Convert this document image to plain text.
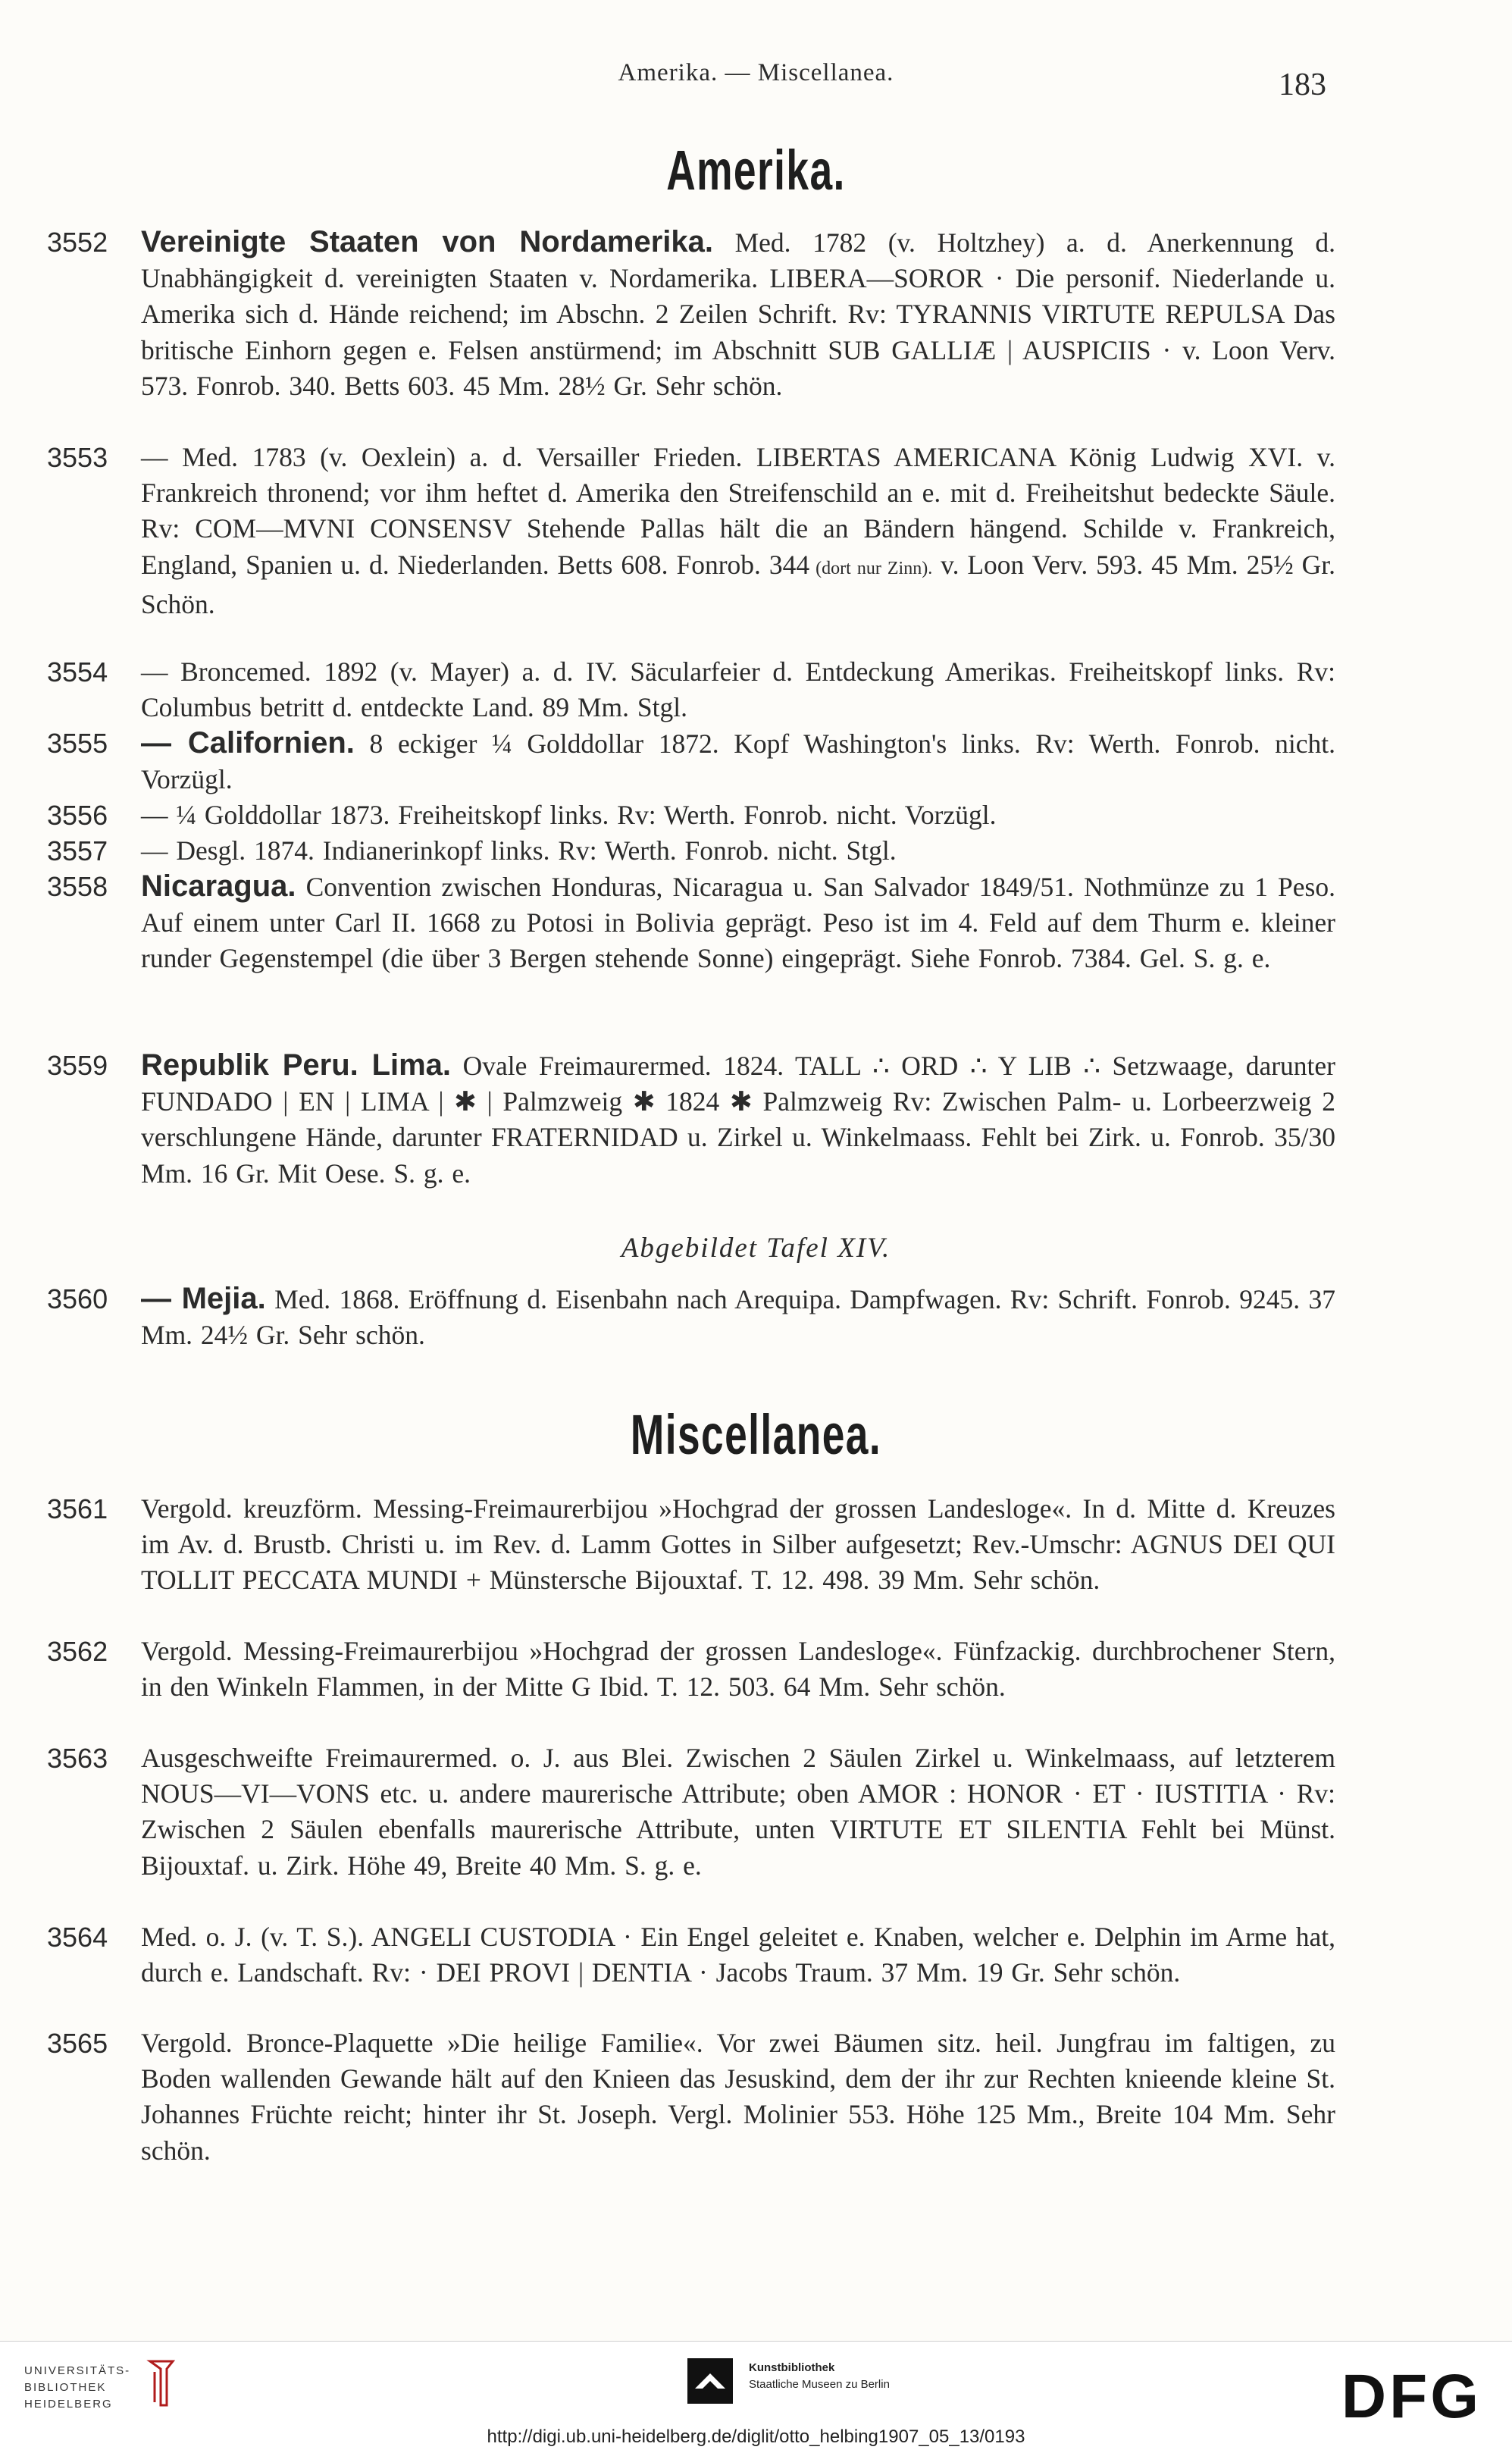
Amerika. — Miscellanea.	183
Amerika.
Miscellanea.
3552	Vereinigte Staaten von Nordamerika. Med. 1782 (v. Holtzhey) a. d. Anerkennung d. Unabhängigkeit d. vereinigten Staaten v. Nordamerika. LIBERA—SOROR · Die personif. Niederlande u. Amerika sich d. Hände reichend; im Abschn. 2 Zeilen Schrift. Rv: TYRANNIS VIRTUTE REPULSA Das britische Einhorn gegen e. Felsen anstürmend; im Abschnitt SUB GALLIÆ | AUSPICIIS · v. Loon Verv. 573. Fonrob. 340. Betts 603. 45 Mm. 28½ Gr. Sehr schön.
3553	— Med. 1783 (v. Oexlein) a. d. Versailler Frieden. LIBERTAS AMERICANA König Ludwig XVI. v. Frankreich thronend; vor ihm heftet d. Amerika den Streifenschild an e. mit d. Freiheitshut bedeckte Säule. Rv: COM—MVNI CONSENSV Stehende Pallas hält die an Bändern hängend. Schilde v. Frankreich, England, Spanien u. d. Niederlanden. Betts 608. Fonrob. 344 (dort nur Zinn). v. Loon Verv. 593. 45 Mm. 25½ Gr. Schön.
3554	— Broncemed. 1892 (v. Mayer) a. d. IV. Säcularfeier d. Entdeckung Amerikas. Freiheitskopf links. Rv: Columbus betritt d. entdeckte Land. 89 Mm. Stgl.
3555	— Californien. 8 eckiger ¼ Golddollar 1872. Kopf Washington's links. Rv: Werth. Fonrob. nicht. Vorzügl.
3556	— ¼ Golddollar 1873. Freiheitskopf links. Rv: Werth. Fonrob. nicht. Vorzügl.
3557	— Desgl. 1874. Indianerinkopf links. Rv: Werth. Fonrob. nicht. Stgl.
3558	Nicaragua. Convention zwischen Honduras, Nicaragua u. San Salvador 1849/51. Nothmünze zu 1 Peso. Auf einem unter Carl II. 1668 zu Potosi in Bolivia geprägt. Peso ist im 4. Feld auf dem Thurm e. kleiner runder Gegenstempel (die über 3 Bergen stehende Sonne) eingeprägt. Siehe Fonrob. 7384. Gel. S. g. e.
3559	Republik Peru. Lima. Ovale Freimaurermed. 1824. TALL ∴ ORD ∴ Y LIB ∴ Setzwaage, darunter FUNDADO | EN | LIMA | ✱ | Palmzweig ✱ 1824 ✱ Palmzweig Rv: Zwischen Palm- u. Lorbeerzweig 2 verschlungene Hände, darunter FRATERNIDAD u. Zirkel u. Winkelmaass. Fehlt bei Zirk. u. Fonrob. 35/30 Mm. 16 Gr. Mit Oese. S. g. e.
3560	— Mejia. Med. 1868. Eröffnung d. Eisenbahn nach Arequipa. Dampfwagen. Rv: Schrift. Fonrob. 9245. 37 Mm. 24½ Gr. Sehr schön.
3561	Vergold. kreuzförm. Messing-Freimaurerbijou »Hochgrad der grossen Landesloge«. In d. Mitte d. Kreuzes im Av. d. Brustb. Christi u. im Rev. d. Lamm Gottes in Silber aufgesetzt; Rev.-Umschr: AGNUS DEI QUI TOLLIT PECCATA MUNDI + Münstersche Bijouxtaf. T. 12. 498. 39 Mm. Sehr schön.
3562	Vergold. Messing-Freimaurerbijou »Hochgrad der grossen Landesloge«. Fünfzackig. durchbrochener Stern, in den Winkeln Flammen, in der Mitte G Ibid. T. 12. 503. 64 Mm. Sehr schön.
3563	Ausgeschweifte Freimaurermed. o. J. aus Blei. Zwischen 2 Säulen Zirkel u. Winkelmaass, auf letzterem NOUS—VI—VONS etc. u. andere maurerische Attribute; oben AMOR : HONOR · ET · IUSTITIA · Rv: Zwischen 2 Säulen ebenfalls maurerische Attribute, unten VIRTUTE ET SILENTIA Fehlt bei Münst. Bijouxtaf. u. Zirk. Höhe 49, Breite 40 Mm. S. g. e.
3564	Med. o. J. (v. T. S.). ANGELI CUSTODIA · Ein Engel geleitet e. Knaben, welcher e. Delphin im Arme hat, durch e. Landschaft. Rv: · DEI PROVI | DENTIA · Jacobs Traum. 37 Mm. 19 Gr. Sehr schön.
3565	Vergold. Bronce-Plaquette »Die heilige Familie«. Vor zwei Bäumen sitz. heil. Jungfrau im faltigen, zu Boden wallenden Gewande hält auf den Knieen das Jesuskind, dem der ihr zur Rechten knieende kleine St. Johannes Früchte reicht; hinter ihr St. Joseph. Vergl. Molinier 553. Höhe 125 Mm., Breite 104 Mm. Sehr schön.
Abgebildet Tafel XIV.
UNIVERSITÄTS-
BIBLIOTHEK
HEIDELBERG
Kunstbibliothek
Staatliche Museen zu Berlin	DFG
http://digi.ub.uni-heidelberg.de/diglit/otto_helbing1907_05_13/0193
